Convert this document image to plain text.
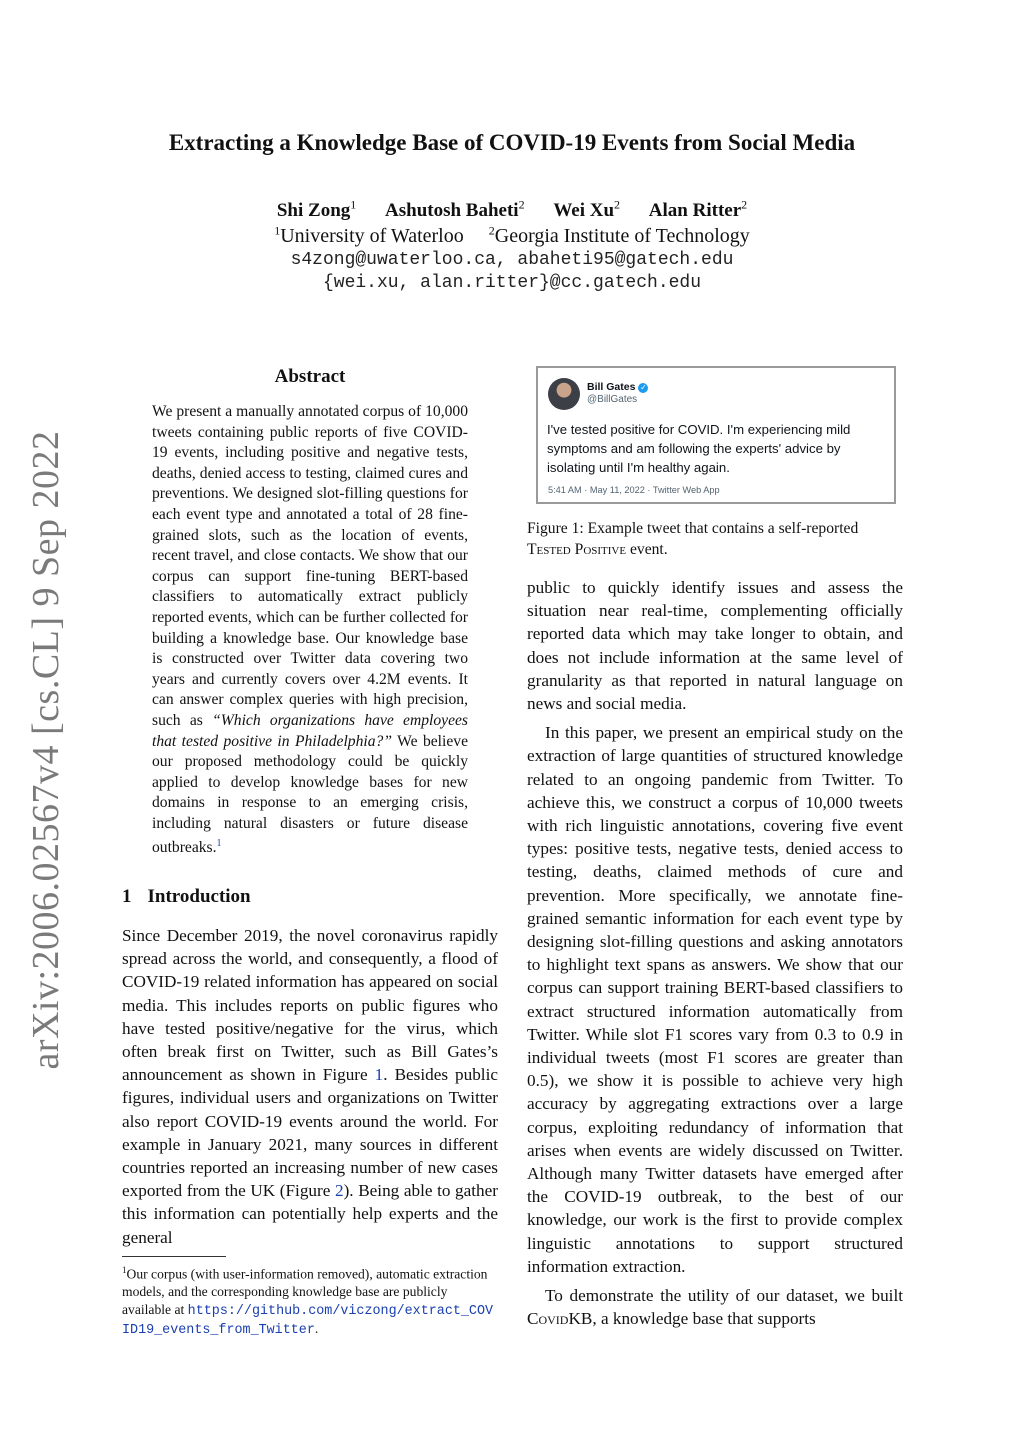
arXiv:2006.02567v4 [cs.CL] 9 Sep 2022
Extracting a Knowledge Base of COVID-19 Events from Social Media
Shi Zong$^1$ Ashutosh Baheti$^2$ Wei Xu$^2$ Alan Ritter$^2$
$^1$University of Waterloo $^2$Georgia Institute of Technology
s4zong@uwaterloo.ca, abaheti95@gatech.edu
{wei.xu, alan.ritter}@cc.gatech.edu
Abstract
We present a manually annotated corpus of 10,000 tweets containing public reports of five COVID-19 events, including positive and negative tests, deaths, denied access to testing, claimed cures and preventions. We designed slot-filling questions for each event type and annotated a total of 28 fine-grained slots, such as the location of events, recent travel, and close contacts. We show that our corpus can support fine-tuning BERT-based classifiers to automatically extract publicly reported events, which can be further collected for building a knowledge base. Our knowledge base is constructed over Twitter data covering two years and currently covers over 4.2M events. It can answer complex queries with high precision, such as “Which organizations have employees that tested positive in Philadelphia?” We believe our proposed methodology could be quickly applied to develop knowledge bases for new domains in response to an emerging crisis, including natural disasters or future disease outbreaks.$^1$
1 Introduction

Since December 2019, the novel coronavirus rapidly spread across the world, and consequently, a flood of COVID-19 related information has appeared on social media. This includes reports on public figures who have tested positive/negative for the virus, which often break first on Twitter, such as Bill Gates’s announcement as shown in Figure 1. Besides public figures, individual users and organizations on Twitter also report COVID-19 events around the world. For example in January 2021, many sources in different countries reported an increasing number of new cases exported from the UK (Figure 2). Being able to gather this information can potentially help experts and the general

$^1$Our corpus (with user-information removed), automatic extraction models, and the corresponding knowledge base are publicly available at https://github.com/viczong/extract_COVID19_events_from_Twitter.
Bill Gates ✓
@BillGates
I've tested positive for COVID. I'm experiencing mild symptoms and am following the experts' advice by isolating until I'm healthy again.
5:41 AM · May 11, 2022 · Twitter Web App
Figure 1: Example tweet that contains a self-reported Tested Positive event.

public to quickly identify issues and assess the situation near real-time, complementing officially reported data which may take longer to obtain, and does not include information at the same level of granularity as that reported in natural language on news and social media.

In this paper, we present an empirical study on the extraction of large quantities of structured knowledge related to an ongoing pandemic from Twitter. To achieve this, we construct a corpus of 10,000 tweets with rich linguistic annotations, covering five event types: positive tests, negative tests, denied access to testing, deaths, claimed methods of cure and prevention. More specifically, we annotate fine-grained semantic information for each event type by designing slot-filling questions and asking annotators to highlight text spans as answers. We show that our corpus can support training BERT-based classifiers to extract structured information automatically from Twitter. While slot F1 scores vary from 0.3 to 0.9 in individual tweets (most F1 scores are greater than 0.5), we show it is possible to achieve very high accuracy by aggregating extractions over a large corpus, exploiting redundancy of information that arises when events are widely discussed on Twitter. Although many Twitter datasets have emerged after the COVID-19 outbreak, to the best of our knowledge, our work is the first to provide complex linguistic annotations to support structured information extraction.

To demonstrate the utility of our dataset, we built CovidKB, a knowledge base that supports
